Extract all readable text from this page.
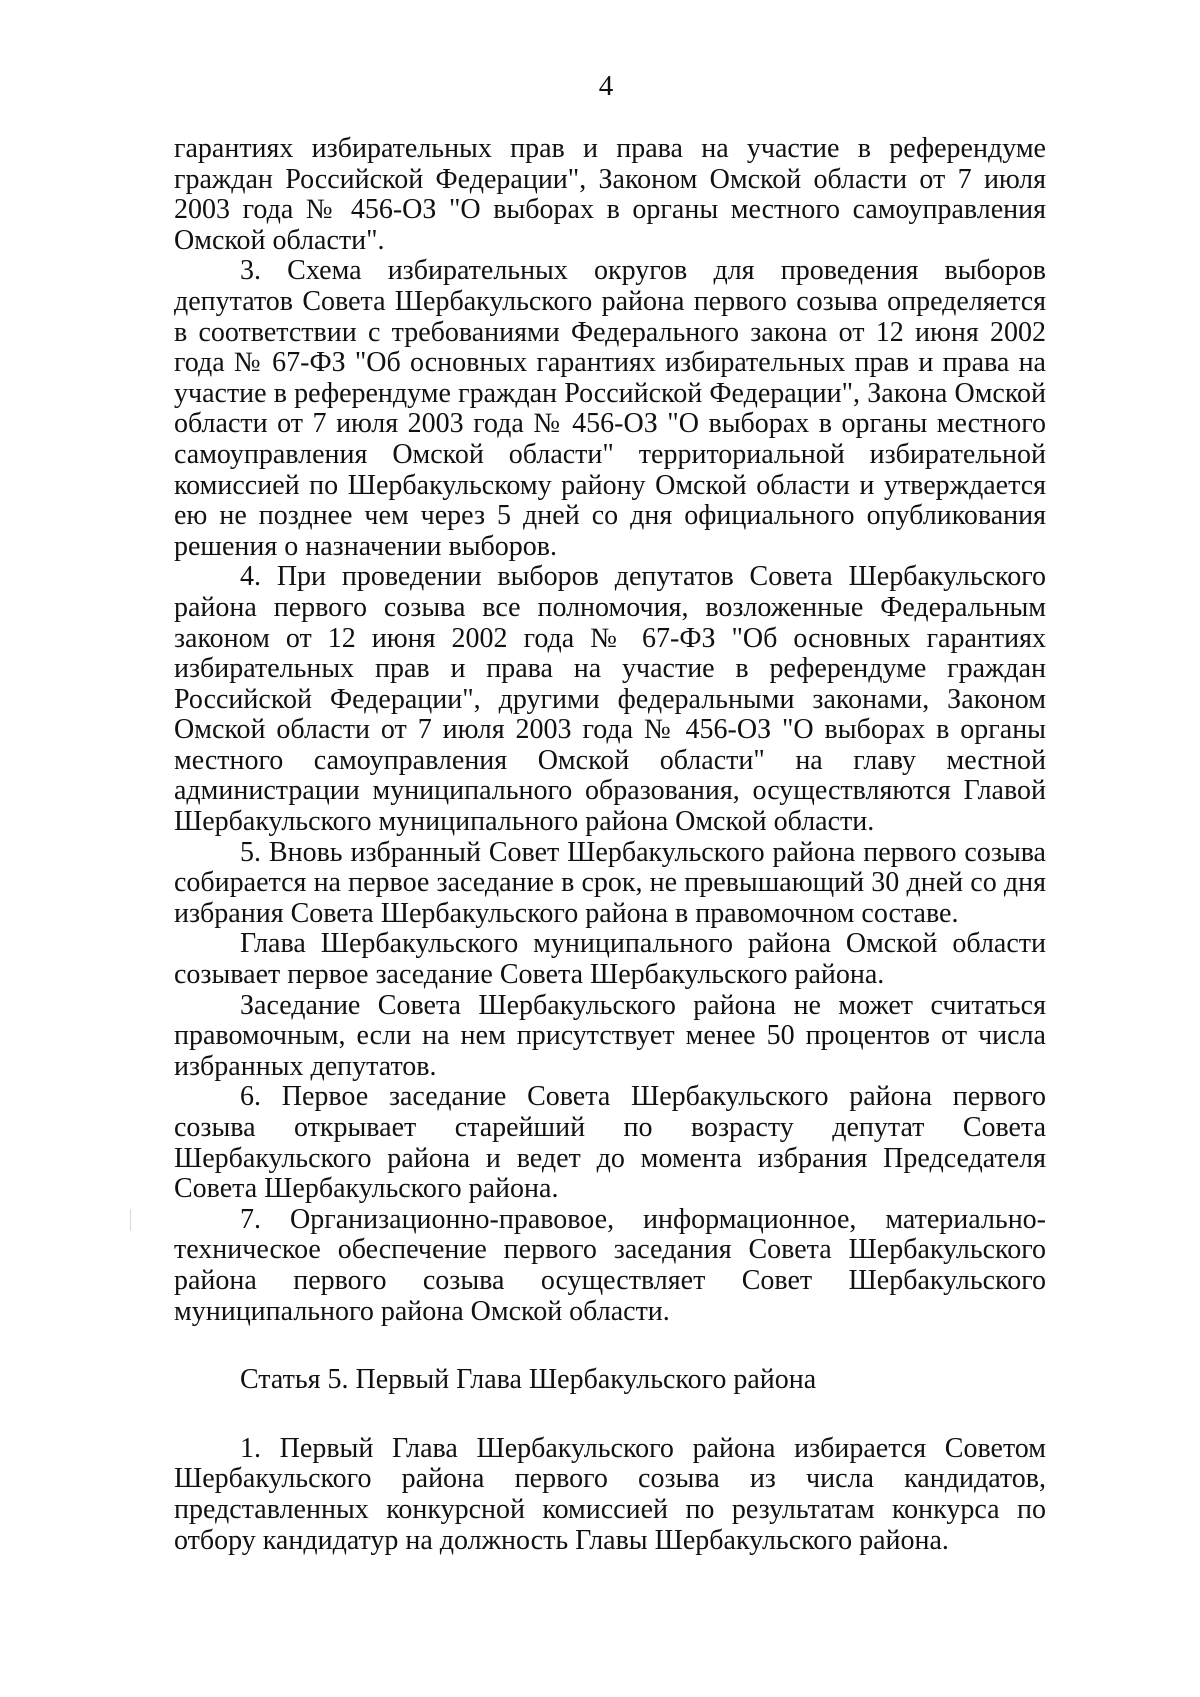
4

гарантиях избирательных прав и права на участие в референдуме граждан Российской Федерации", Законом Омской области от 7 июля 2003 года № 456-ОЗ "О выборах в органы местного самоуправления Омской области".

3. Схема избирательных округов для проведения выборов депутатов Совета Шербакульского района первого созыва определяется в соответствии с требованиями Федерального закона от 12 июня 2002 года № 67-ФЗ "Об основных гарантиях избирательных прав и права на участие в референдуме граждан Российской Федерации", Закона Омской области от 7 июля 2003 года № 456-ОЗ "О выборах в органы местного самоуправления Омской области" территориальной избирательной комиссией по Шербакульскому району Омской области и утверждается ею не позднее чем через 5 дней со дня официального опубликования решения о назначении выборов.

4. При проведении выборов депутатов Совета Шербакульского района первого созыва все полномочия, возложенные Федеральным законом от 12 июня 2002 года № 67-ФЗ "Об основных гарантиях избирательных прав и права на участие в референдуме граждан Российской Федерации", другими федеральными законами, Законом Омской области от 7 июля 2003 года № 456-ОЗ "О выборах в органы местного самоуправления Омской области" на главу местной администрации муниципального образования, осуществляются Главой Шербакульского муниципального района Омской области.

5. Вновь избранный Совет Шербакульского района первого созыва собирается на первое заседание в срок, не превышающий 30 дней со дня избрания Совета Шербакульского района в правомочном составе.

Глава Шербакульского муниципального района Омской области созывает первое заседание Совета Шербакульского района.

Заседание Совета Шербакульского района не может считаться правомочным, если на нем присутствует менее 50 процентов от числа избранных депутатов.

6. Первое заседание Совета Шербакульского района первого созыва открывает старейший по возрасту депутат Совета Шербакульского района и ведет до момента избрания Председателя Совета Шербакульского района.

7. Организационно-правовое, информационное, материально-техническое обеспечение первого заседания Совета Шербакульского района первого созыва осуществляет Совет Шербакульского муниципального района Омской области.

Статья 5. Первый Глава Шербакульского района

1. Первый Глава Шербакульского района избирается Советом Шербакульского района первого созыва из числа кандидатов, представленных конкурсной комиссией по результатам конкурса по отбору кандидатур на должность Главы Шербакульского района.
